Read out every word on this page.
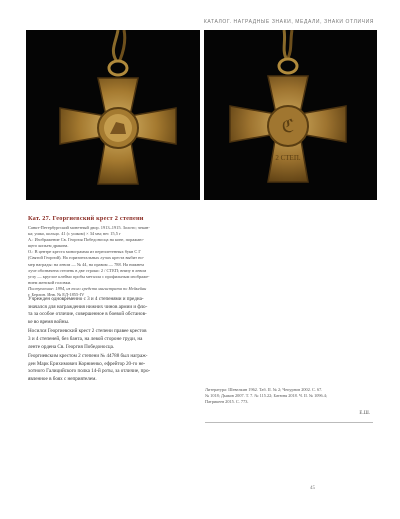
КАТАЛОГ. НАГРАДНЫЕ ЗНАКИ, МЕДАЛИ, ЗНАКИ ОТЛИЧИЯ
ℭ
2 СТЕП.

Кат. 27. Георгиевский крест 2 степени

Санкт-Петербургский монетный двор. 1913–1915. Золото; чекан-

ка; ушко, кольцо. 41 (с ушком) × 34 мм; вес 15,5 г

А.: Изображение Св. Георгия Победоносца на коне, поражаю-

щего копьем дракона.

О.: В центре креста монограмма из переплетенных букв С Г

(Святой Георгий). На горизонтальных лучах креста выбит но-

мер награды: на левом — № 44, на правом — 788. На нижнем

луче обозначена степень в две строки: 2 / СТЕП; внизу в левом

углу — круглое клеймо пробы металла с профильным изображе-

нием женской головки.

Поступление: 1994, из того средств магистрата по Нейкейан

г. Берлин. Инв. № ЕД-1855-IV

Учрежден одновременно с 3 и 4 степенями и предна-
значался для награждения нижних чинов армии и фло-
та за особое отличие, совершенное в боевой обстанов-
ке во время войны.

Носился Георгиевский крест 2 степени правее крестов
3 и 4 степеней, без банта, на левой стороне груди, на
ленте ордена Св. Георгия Победоносца.

Георгиевским крестом 2 степени № 44788 был награж-
ден Марк Ерихимович Корниенко, ефрейтор 20-го не-
хотного Галицийского полка 14-й роты, за отличие, про-
явленное в боях с неприятелем.

Литература: Шевелкин 1962. Таб. II. № 2; Чепурнов 2002. С. 67.

№ 1018; Дьяков 2007. Т. 7. № 115.22; Батюня 2018. Ч. II. № 1096.4;

Патрикеев 2015. С. 773.

Е.Ш.
45
